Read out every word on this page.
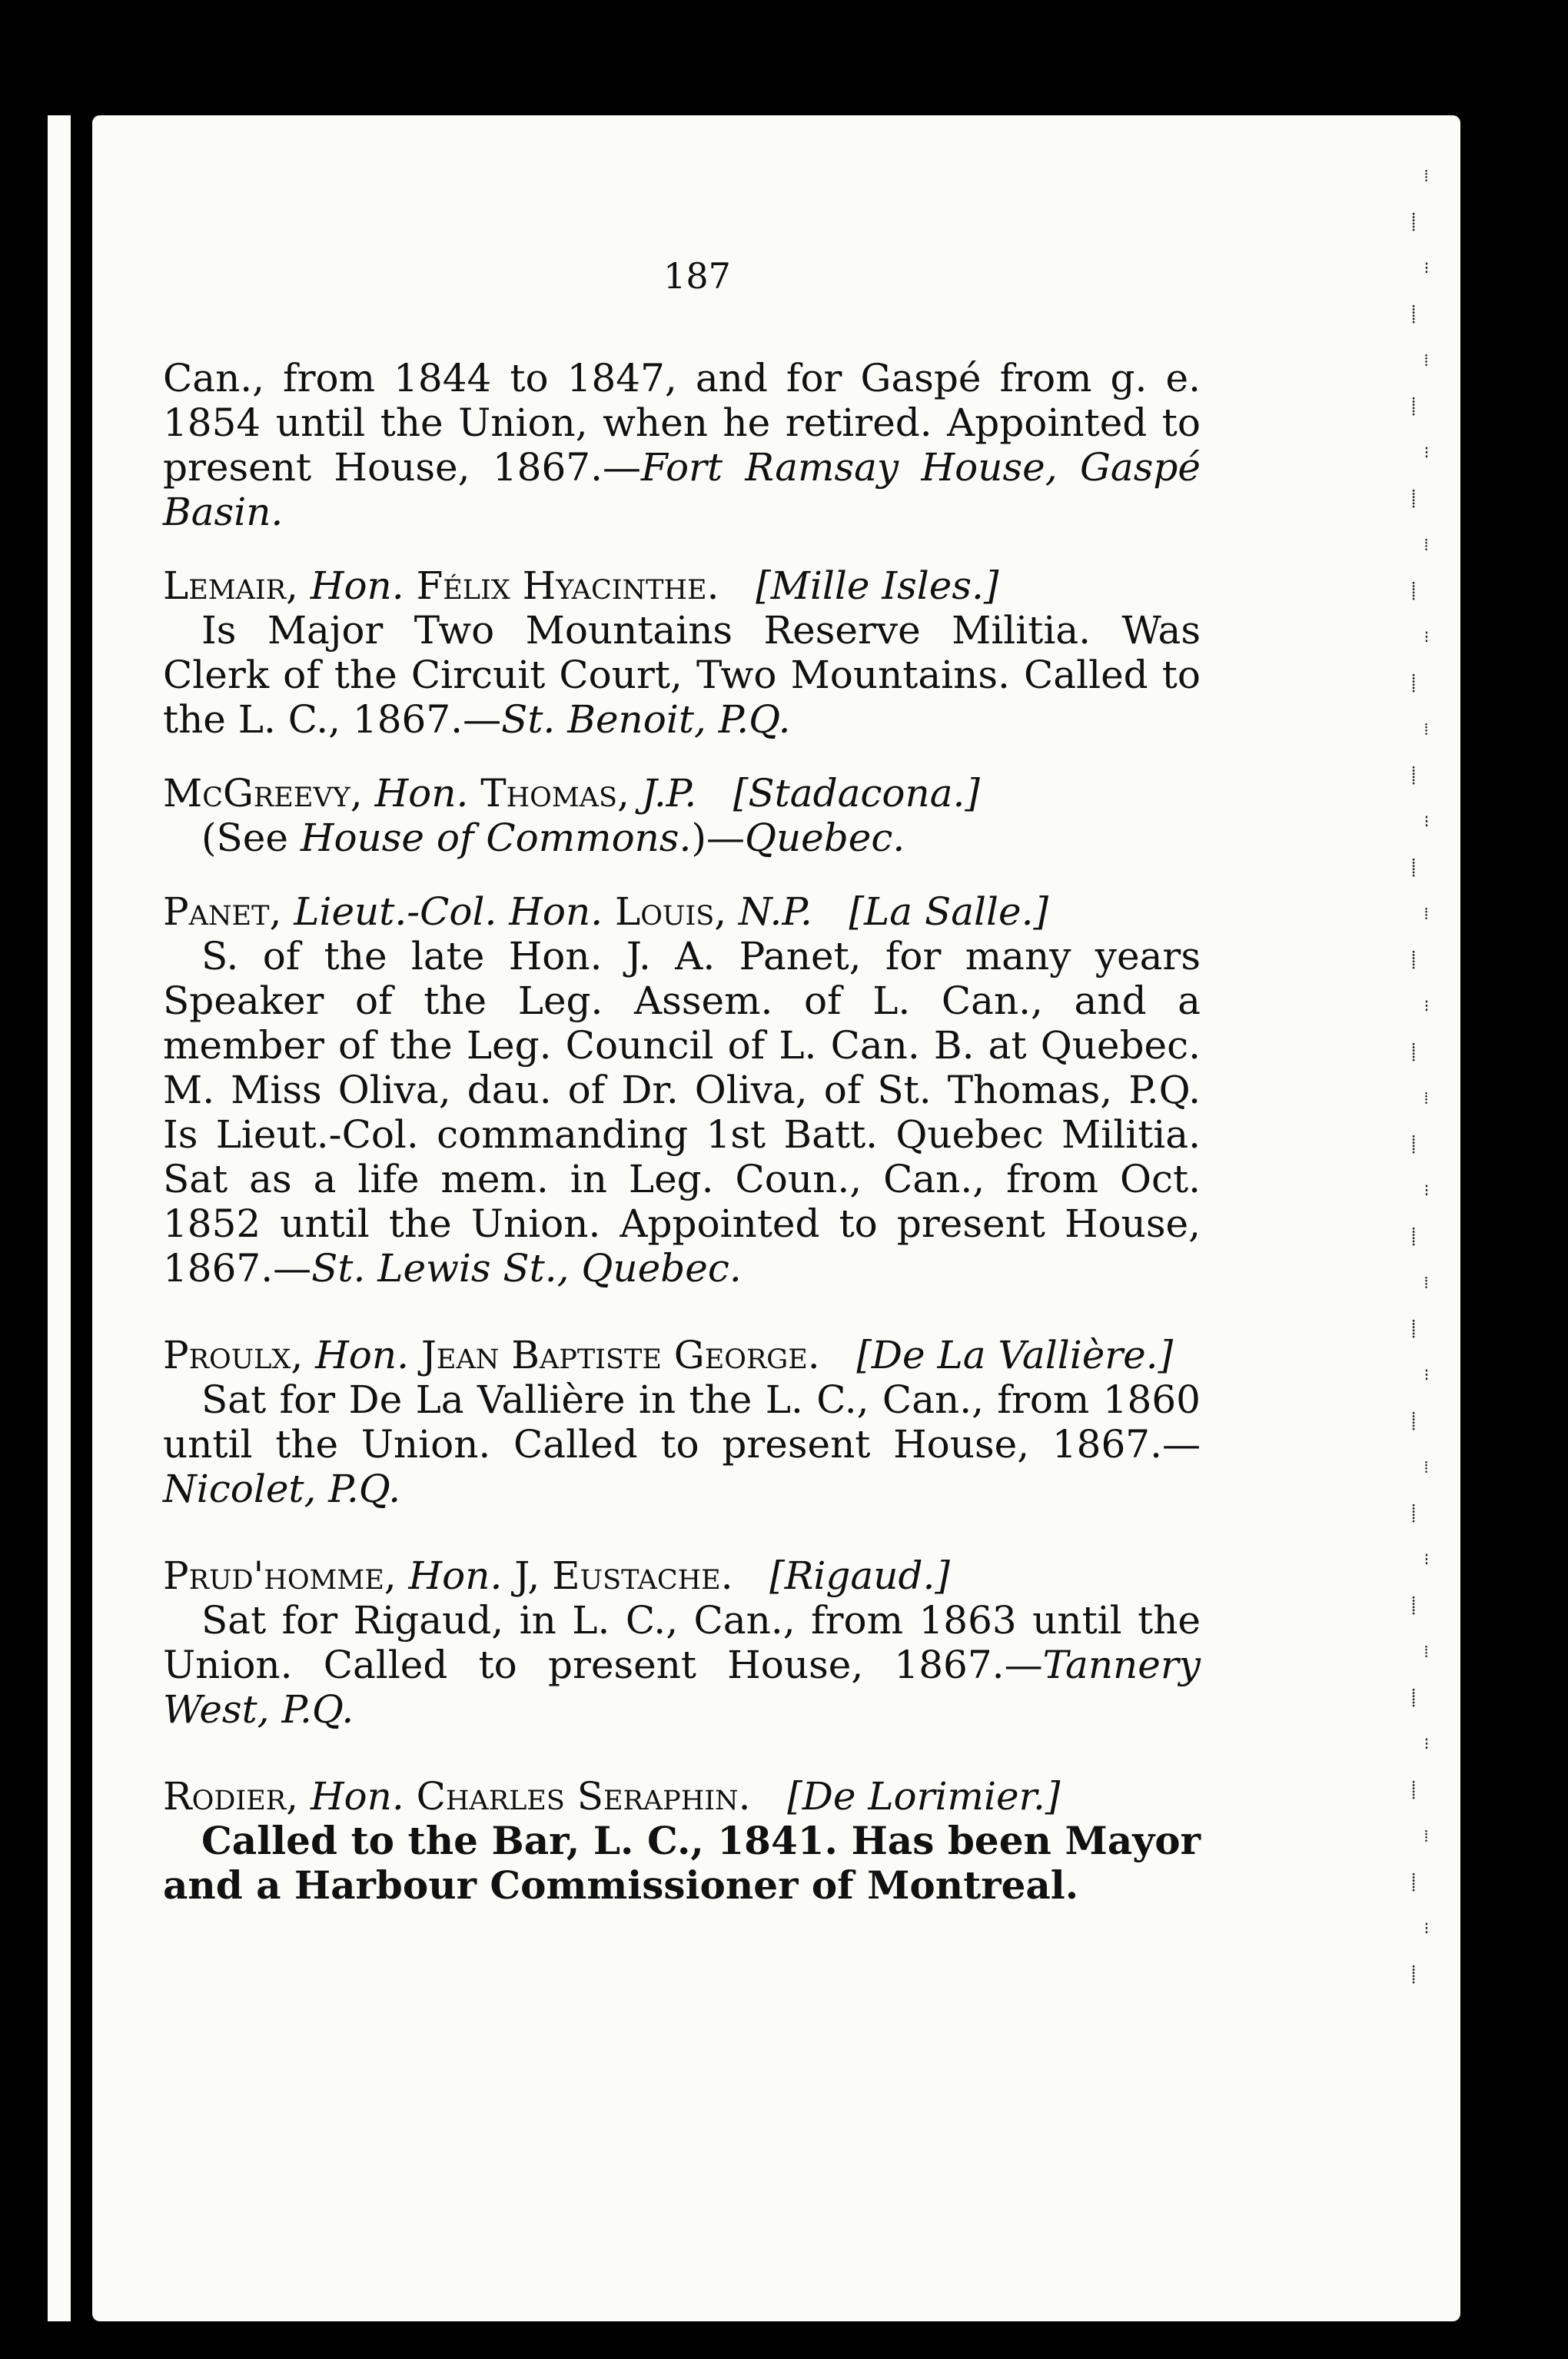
⁞
⸽
⁝
⸽
⁞
⸽
⁝
⸽
⁞
⸽
⁝
⸽
⁞
⸽
⁝
⸽
⁞
⸽
⁝
⸽
⁞
⸽
⁝
⸽
⁞
⸽
⁝
⸽
⁞
⸽
⁝
⸽
⁞
⸽
⁝
⸽
⁞
⸽
⁝
⸽
187

Can., from 1844 to 1847, and for Gaspé from g. e. 1854 until the Union, when he retired. Appointed to present House, 1867.—Fort Ramsay House, Gaspé Basin.

Lemair, Hon. Félix Hyacinthe. [Mille Isles.]

Is Major Two Mountains Reserve Militia. Was Clerk of the Circuit Court, Two Mountains. Called to the L. C., 1867.—St. Benoit, P.Q.

McGreevy, Hon. Thomas, J.P. [Stadacona.]

(See House of Commons.)—Quebec.

Panet, Lieut.-Col. Hon. Louis, N.P. [La Salle.]

S. of the late Hon. J. A. Panet, for many years Speaker of the Leg. Assem. of L. Can., and a member of the Leg. Council of L. Can. B. at Quebec. M. Miss Oliva, dau. of Dr. Oliva, of St. Thomas, P.Q. Is Lieut.-Col. commanding 1st Batt. Quebec Militia. Sat as a life mem. in Leg. Coun., Can., from Oct. 1852 until the Union. Appointed to present House, 1867.—St. Lewis St., Quebec.

Proulx, Hon. Jean Baptiste George. [De La Vallière.]

Sat for De La Vallière in the L. C., Can., from 1860 until the Union. Called to present House, 1867.—Nicolet, P.Q.

Prud'homme, Hon. J, Eustache. [Rigaud.]

Sat for Rigaud, in L. C., Can., from 1863 until the Union. Called to present House, 1867.—Tannery West, P.Q.

Rodier, Hon. Charles Seraphin. [De Lorimier.]

Called to the Bar, L. C., 1841. Has been Mayor and a Harbour Commissioner of Montreal.
